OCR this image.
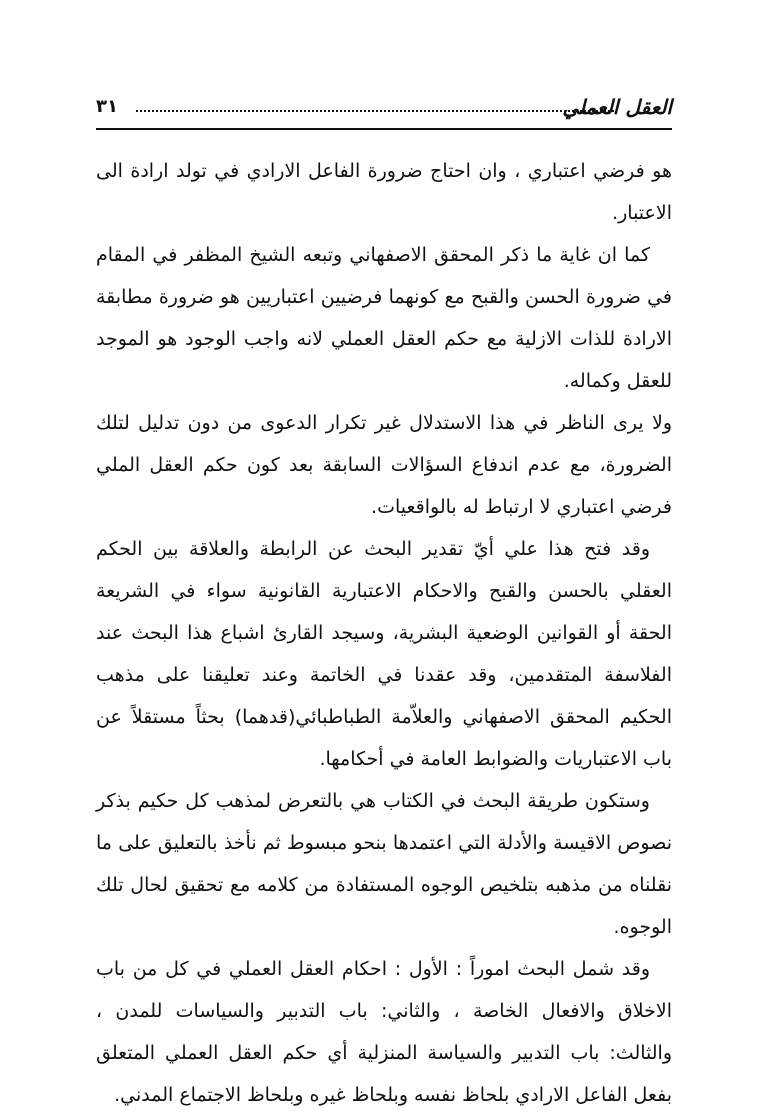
العقل العملي
٣١

هو فرضي اعتباري ، وان احتاج ضرورة الفاعل الارادي في تولد ارادة الى الاعتبار.

كما ان غاية ما ذكر المحقق الاصفهاني وتبعه الشيخ المظفر في المقام في ضرورة الحسن والقبح مع كونهما فرضيين اعتباريين هو ضرورة مطابقة الارادة للذات الازلية مع حكم العقل العملي لانه واجب الوجود هو الموجد للعقل وكماله.

ولا يرى الناظر في هذا الاستدلال غير تكرار الدعوى من دون تدليل لتلك الضرورة، مع عدم اندفاع السؤالات السابقة بعد كون حكم العقل الملي فرضي اعتباري لا ارتباط له بالواقعيات.

وقد فتح هذا علي أيّ تقدير البحث عن الرابطة والعلاقة بين الحكم العقلي بالحسن والقبح والاحكام الاعتبارية القانونية سواء في الشريعة الحقة أو القوانين الوضعية البشرية، وسيجد القارئ اشباع هذا البحث عند الفلاسفة المتقدمين، وقد عقدنا في الخاتمة وعند تعليقنا على مذهب الحكيم المحقق الاصفهاني والعلاّمة الطباطبائي(قدهما) بحثاً مستقلاً عن باب الاعتباريات والضوابط العامة في أحكامها.

وستكون طريقة البحث في الكتاب هي بالتعرض لمذهب كل حكيم بذكر نصوص الاقيسة والأدلة التي اعتمدها بنحو مبسوط ثم نأخذ بالتعليق على ما نقلناه من مذهبه بتلخيص الوجوه المستفادة من كلامه مع تحقيق لحال تلك الوجوه.

وقد شمل البحث اموراً : الأول : احكام العقل العملي في كل من باب الاخلاق والافعال الخاصة ، والثاني: باب التدبير والسياسات للمدن ، والثالث: باب التدبير والسياسة المنزلية أي حكم العقل العملي المتعلق بفعل الفاعل الارادي بلحاظ نفسه وبلحاظ غيره وبلحاظ الاجتماع المدني.
